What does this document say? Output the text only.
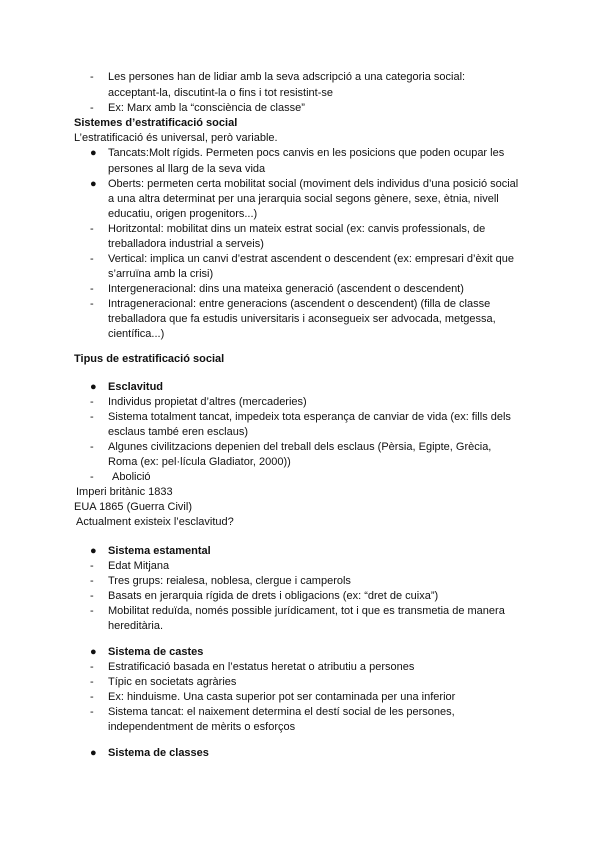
- Les persones han de lidiar amb la seva adscripció a una categoria social:
acceptant-la, discutint-la o fins i tot resistint-se
- Ex: Marx amb la “consciència de classe”
Sistemes d’estratificació social
L’estratificació és universal, però variable.
● Tancats:Molt rígids. Permeten pocs canvis en les posicions que poden ocupar les
persones al llarg de la seva vida
● Oberts: permeten certa mobilitat social (moviment dels individus d’una posició social
a una altra determinat per una jerarquia social segons gènere, sexe, ètnia, nivell
educatiu, origen progenitors...)
- Horitzontal: mobilitat dins un mateix estrat social (ex: canvis professionals, de
treballadora industrial a serveis)
- Vertical: implica un canvi d’estrat ascendent o descendent (ex: empresari d’èxit que
s’arruïna amb la crisi)
- Intergeneracional: dins una mateixa generació (ascendent o descendent)
- Intrageneracional: entre generacions (ascendent o descendent) (filla de classe
treballadora que fa estudis universitaris i aconsegueix ser advocada, metgessa,
científica...)
Tipus de estratificació social
● Esclavitud
- Individus propietat d’altres (mercaderies)
- Sistema totalment tancat, impedeix tota esperança de canviar de vida (ex: fills dels
esclaus també eren esclaus)
- Algunes civilitzacions depenien del treball dels esclaus (Pèrsia, Egipte, Grècia,
Roma (ex: pel·lícula Gladiator, 2000))
- Abolició
Imperi britànic 1833
EUA 1865 (Guerra Civil)
Actualment existeix l’esclavitud?
● Sistema estamental
- Edat Mitjana
- Tres grups: reialesa, noblesa, clergue i camperols
- Basats en jerarquia rígida de drets i obligacions (ex: “dret de cuixa”)
- Mobilitat reduïda, només possible jurídicament, tot i que es transmetia de manera
hereditària.
● Sistema de castes
- Estratificació basada en l’estatus heretat o atributiu a persones
- Típic en societats agràries
- Ex: hinduisme. Una casta superior pot ser contaminada per una inferior
- Sistema tancat: el naixement determina el destí social de les persones,
independentment de mèrits o esforços
● Sistema de classes
